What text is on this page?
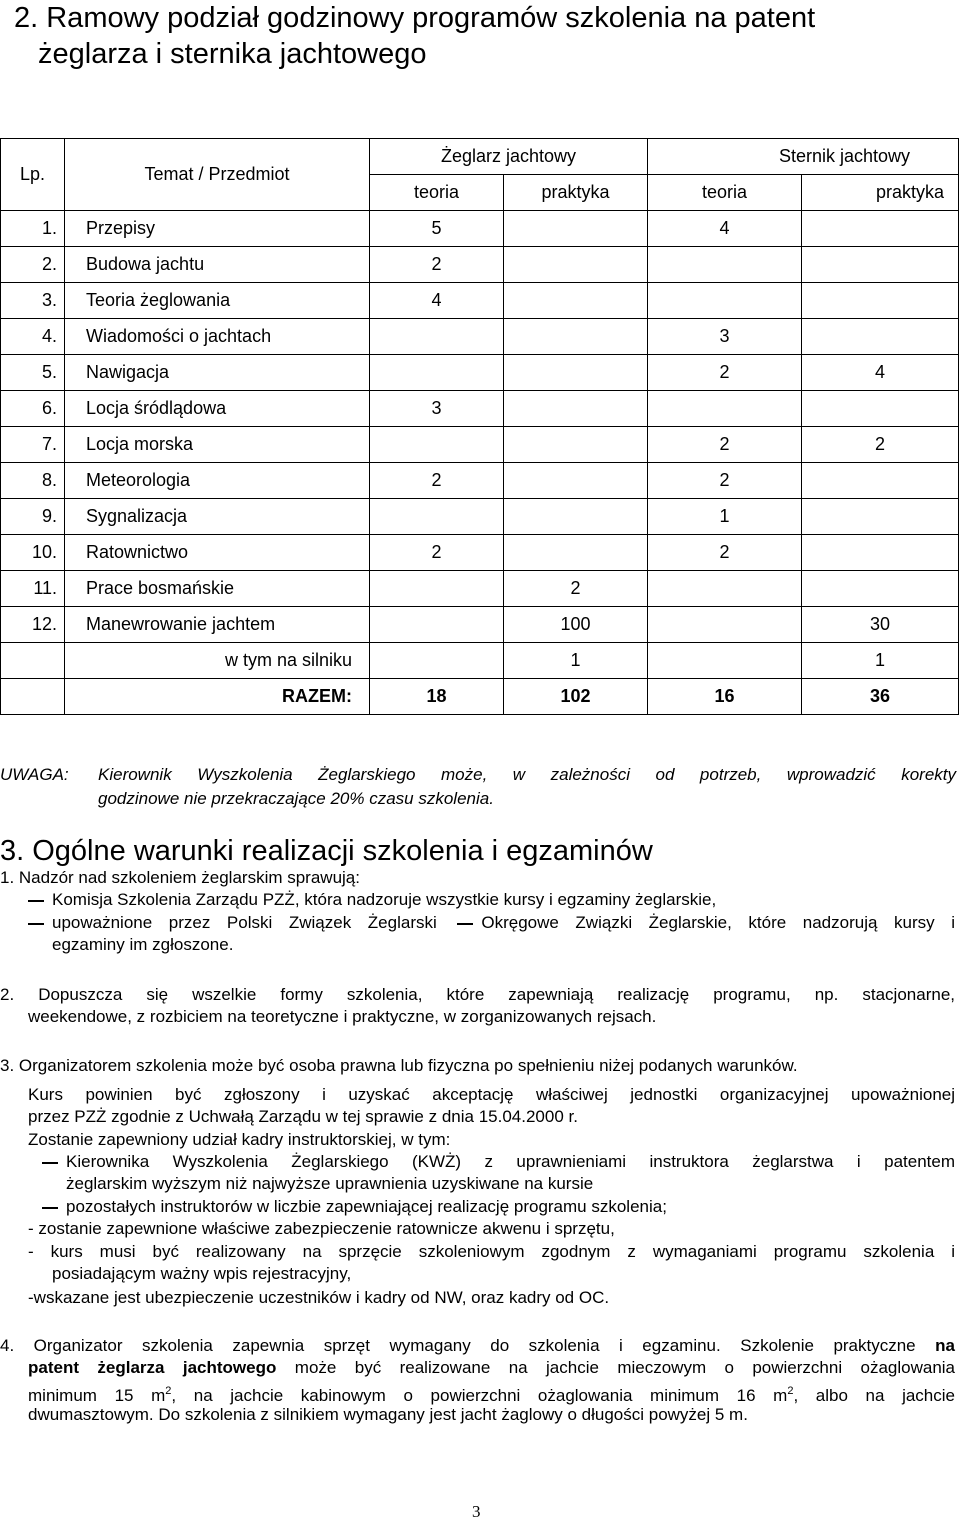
2. Ramowy podział godzinowy programów szkolenia na patent
żeglarza i sternika jachtowego
Lp.	Temat / Przedmiot	Żeglarz jachtowy		Sternik jachtowy	
		teoria	praktyka	teoria	praktyka
1.	Przepisy	5		4	
2.	Budowa jachtu	2			
3.	Teoria żeglowania	4			
4.	Wiadomości o jachtach			3	
5.	Nawigacja			2	4
6.	Locja śródlądowa	3			
7.	Locja morska			2	2
8.	Meteorologia	2		2	
9.	Sygnalizacja			1	
10.	Ratownictwo	2		2	
11.	Prace bosmańskie		2		
12.	Manewrowanie jachtem		100		30
	w tym na silniku		1		1
	RAZEM:	18	102	16	36
UWAGA: Kierownik Wyszkolenia Żeglarskiego może, w zależności od potrzeb, wprowadzić korekty
godzinowe nie przekraczające 20% czasu szkolenia.
3. Ogólne warunki realizacji szkolenia i egzaminów
1. Nadzór nad szkoleniem żeglarskim sprawują:
Komisja Szkolenia Zarządu PZŻ, która nadzoruje wszystkie kursy i egzaminy żeglarskie,
upoważnione przez Polski Związek Żeglarski	Okręgowe Związki Żeglarskie, które nadzorują kursy i
egzaminy im zgłoszone.
2. Dopuszcza się wszelkie formy szkolenia, które zapewniają realizację programu, np. stacjonarne,
weekendowe, z rozbiciem na teoretyczne i praktyczne, w zorganizowanych rejsach.
3. Organizatorem szkolenia może być osoba prawna lub fizyczna po spełnieniu niżej podanych warunków.
Kurs powinien być zgłoszony i uzyskać akceptację właściwej jednostki organizacyjnej upoważnionej
przez PZŻ zgodnie z Uchwałą Zarządu w tej sprawie z dnia 15.04.2000 r.
Zostanie zapewniony udział kadry instruktorskiej, w tym:
Kierownika Wyszkolenia Żeglarskiego (KWŻ) z uprawnieniami instruktora żeglarstwa i patentem
żeglarskim wyższym niż najwyższe uprawnienia uzyskiwane na kursie
pozostałych instruktorów w liczbie zapewniającej realizację programu szkolenia;
- zostanie zapewnione właściwe zabezpieczenie ratownicze akwenu i sprzętu,
- kurs musi być realizowany na sprzęcie szkoleniowym zgodnym z wymaganiami programu szkolenia i
posiadającym ważny wpis rejestracyjny,
-wskazane jest ubezpieczenie uczestników i kadry od NW, oraz kadry od OC.
4. Organizator szkolenia zapewnia sprzęt wymagany do szkolenia i egzaminu. Szkolenie praktyczne na
patent żeglarza jachtowego może być realizowane na jachcie mieczowym o powierzchni ożaglowania
minimum 15 $m^2$, na jachcie kabinowym o powierzchni ożaglowania minimum 16 $m^2$, albo na jachcie
dwumasztowym. Do szkolenia z silnikiem wymagany jest jacht żaglowy o długości powyżej 5 m.
3
